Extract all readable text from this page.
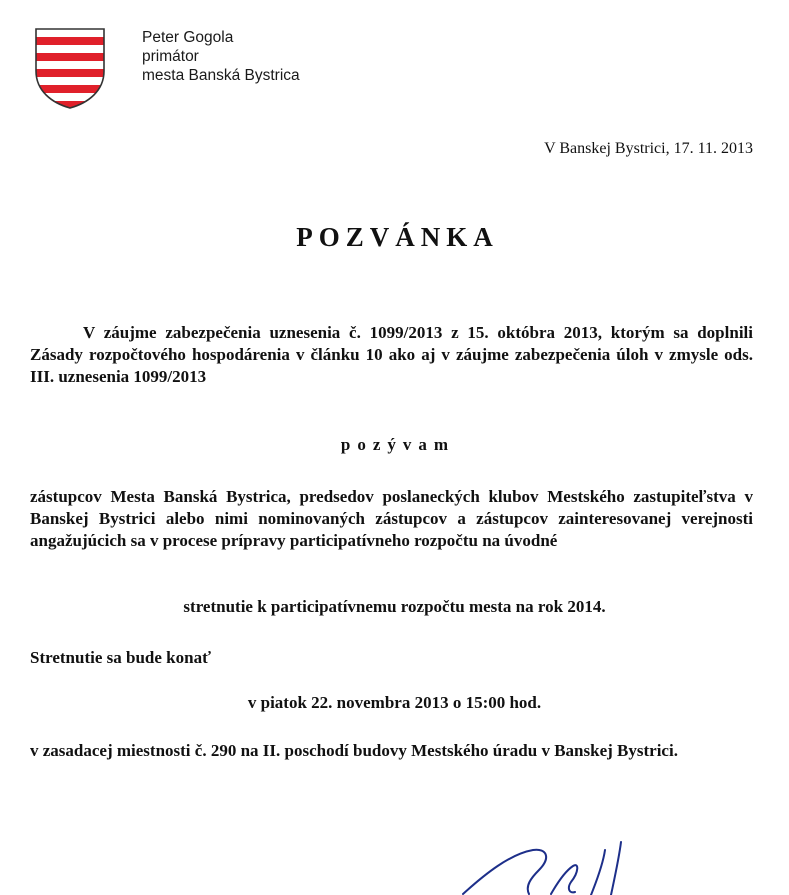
Peter Gogola
primátor
mesta Banská Bystrica
V Banskej Bystrici, 17. 11. 2013
POZVÁNKA
V záujme zabezpečenia uznesenia č. 1099/2013 z 15. októbra 2013, ktorým sa doplnili Zásady rozpočtového hospodárenia v článku 10 ako aj v záujme zabezpečenia úloh v zmysle ods. III. uznesenia 1099/2013
pozývam
zástupcov Mesta Banská Bystrica, predsedov poslaneckých klubov Mestského zastupiteľstva v Banskej Bystrici alebo nimi nominovaných zástupcov a zástupcov zainteresovanej verejnosti angažujúcich sa v procese prípravy participatívneho rozpočtu na úvodné
stretnutie k participatívnemu rozpočtu mesta na rok 2014.
Stretnutie sa bude konať
v piatok 22. novembra 2013 o 15:00 hod.
v zasadacej miestnosti č. 290 na II. poschodí budovy Mestského úradu v Banskej Bystrici.
